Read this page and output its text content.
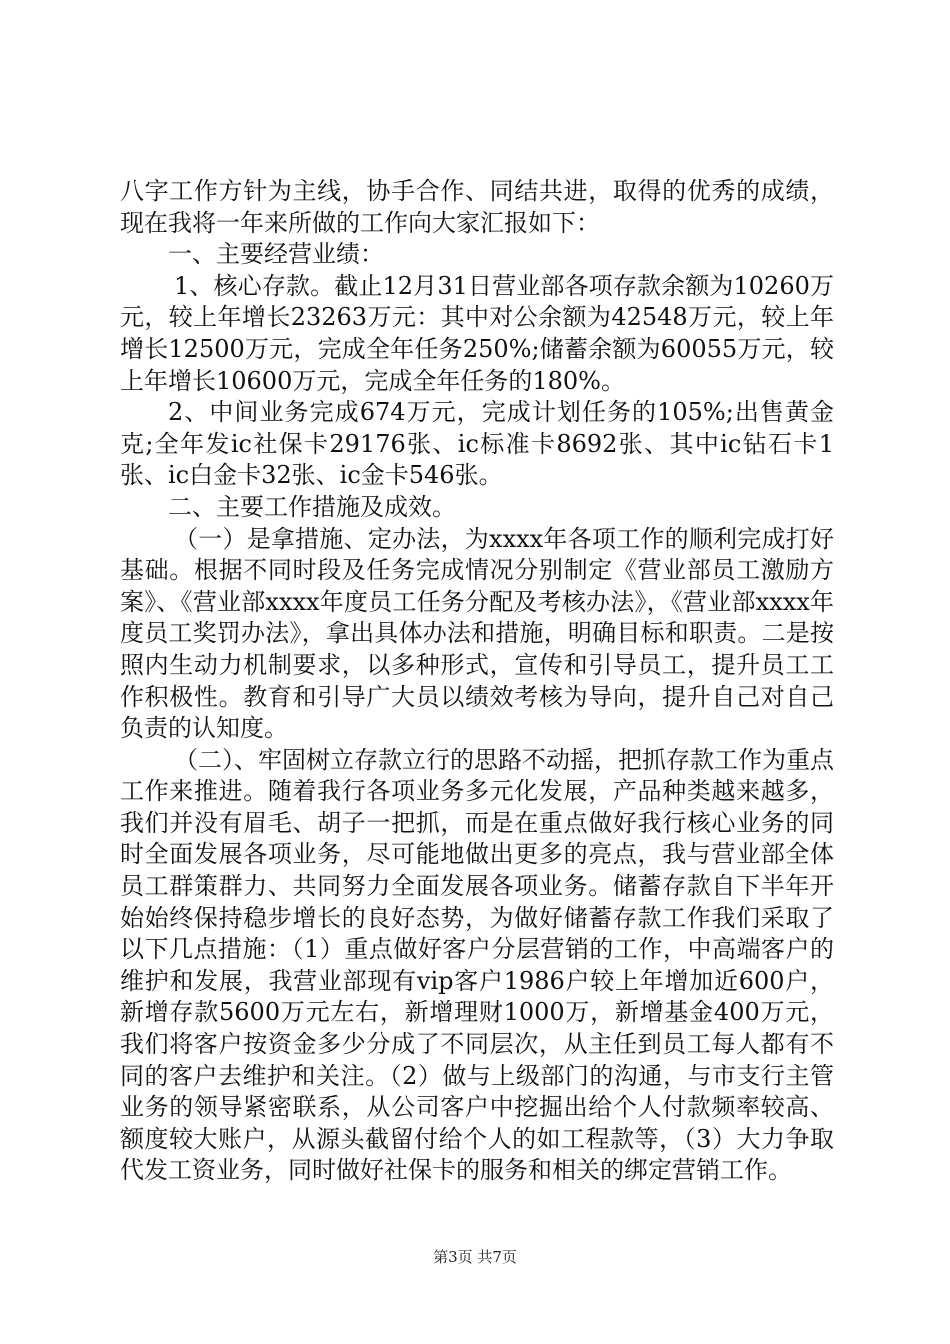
八字工作方针为主线，协手合作、同结共进，取得的优秀的成绩，现在我将一年来所做的工作向大家汇报如下：

一、主要经营业绩：

1、核心存款。截止12月31日营业部各项存款余额为10260万元，较上年增长23263万元：其中对公余额为42548万元，较上年增长12500万元，完成全年任务250%;储蓄余额为60055万元，较上年增长10600万元，完成全年任务的180%。

2、中间业务完成674万元，完成计划任务的105%;出售黄金克;全年发ic社保卡29176张、ic标准卡8692张、其中ic钻石卡1张、ic白金卡32张、ic金卡546张。

二、主要工作措施及成效。

（一）是拿措施、定办法，为xxxx年各项工作的顺利完成打好基础。根据不同时段及任务完成情况分别制定《营业部员工激励方案》、《营业部xxxx年度员工任务分配及考核办法》，《营业部xxxx年度员工奖罚办法》，拿出具体办法和措施，明确目标和职责。二是按照内生动力机制要求，以多种形式，宣传和引导员工，提升员工工作积极性。教育和引导广大员以绩效考核为导向，提升自己对自己负责的认知度。

（二）、牢固树立存款立行的思路不动摇，把抓存款工作为重点工作来推进。随着我行各项业务多元化发展，产品种类越来越多，我们并没有眉毛、胡子一把抓，而是在重点做好我行核心业务的同时全面发展各项业务，尽可能地做出更多的亮点，我与营业部全体员工群策群力、共同努力全面发展各项业务。储蓄存款自下半年开始始终保持稳步增长的良好态势，为做好储蓄存款工作我们采取了以下几点措施：（1）重点做好客户分层营销的工作，中高端客户的维护和发展，我营业部现有vip客户1986户较上年增加近600户，新增存款5600万元左右，新增理财1000万，新增基金400万元，我们将客户按资金多少分成了不同层次，从主任到员工每人都有不同的客户去维护和关注。（2）做与上级部门的沟通，与市支行主管业务的领导紧密联系，从公司客户中挖掘出给个人付款频率较高、额度较大账户，从源头截留付给个人的如工程款等，（3）大力争取代发工资业务，同时做好社保卡的服务和相关的绑定营销工作。

第3页 共7页
